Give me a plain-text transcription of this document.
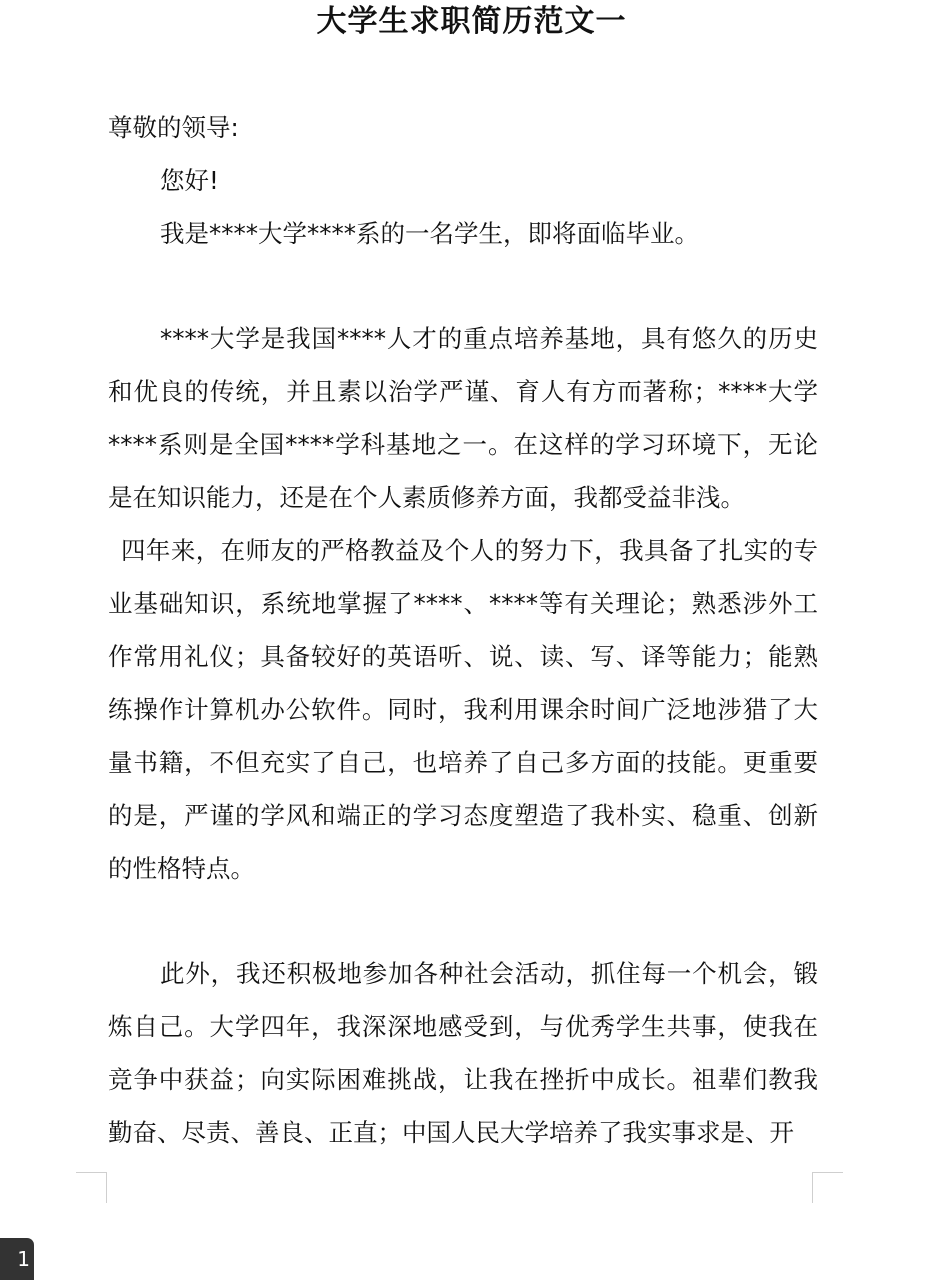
大学生求职简历范文一
尊敬的领导:
您好!
我是****大学****系的一名学生，即将面临毕业。
****大学是我国****人才的重点培养基地，具有悠久的历史和优良的传统，并且素以治学严谨、育人有方而著称；****大学****系则是全国****学科基地之一。在这样的学习环境下，无论是在知识能力，还是在个人素质修养方面，我都受益非浅。
四年来，在师友的严格教益及个人的努力下，我具备了扎实的专业基础知识，系统地掌握了****、****等有关理论；熟悉涉外工作常用礼仪；具备较好的英语听、说、读、写、译等能力；能熟练操作计算机办公软件。同时，我利用课余时间广泛地涉猎了大量书籍，不但充实了自己，也培养了自己多方面的技能。更重要的是，严谨的学风和端正的学习态度塑造了我朴实、稳重、创新的性格特点。
此外，我还积极地参加各种社会活动，抓住每一个机会，锻炼自己。大学四年，我深深地感受到，与优秀学生共事，使我在竞争中获益；向实际困难挑战，让我在挫折中成长。祖辈们教我勤奋、尽责、善良、正直；中国人民大学培养了我实事求是、开
1
